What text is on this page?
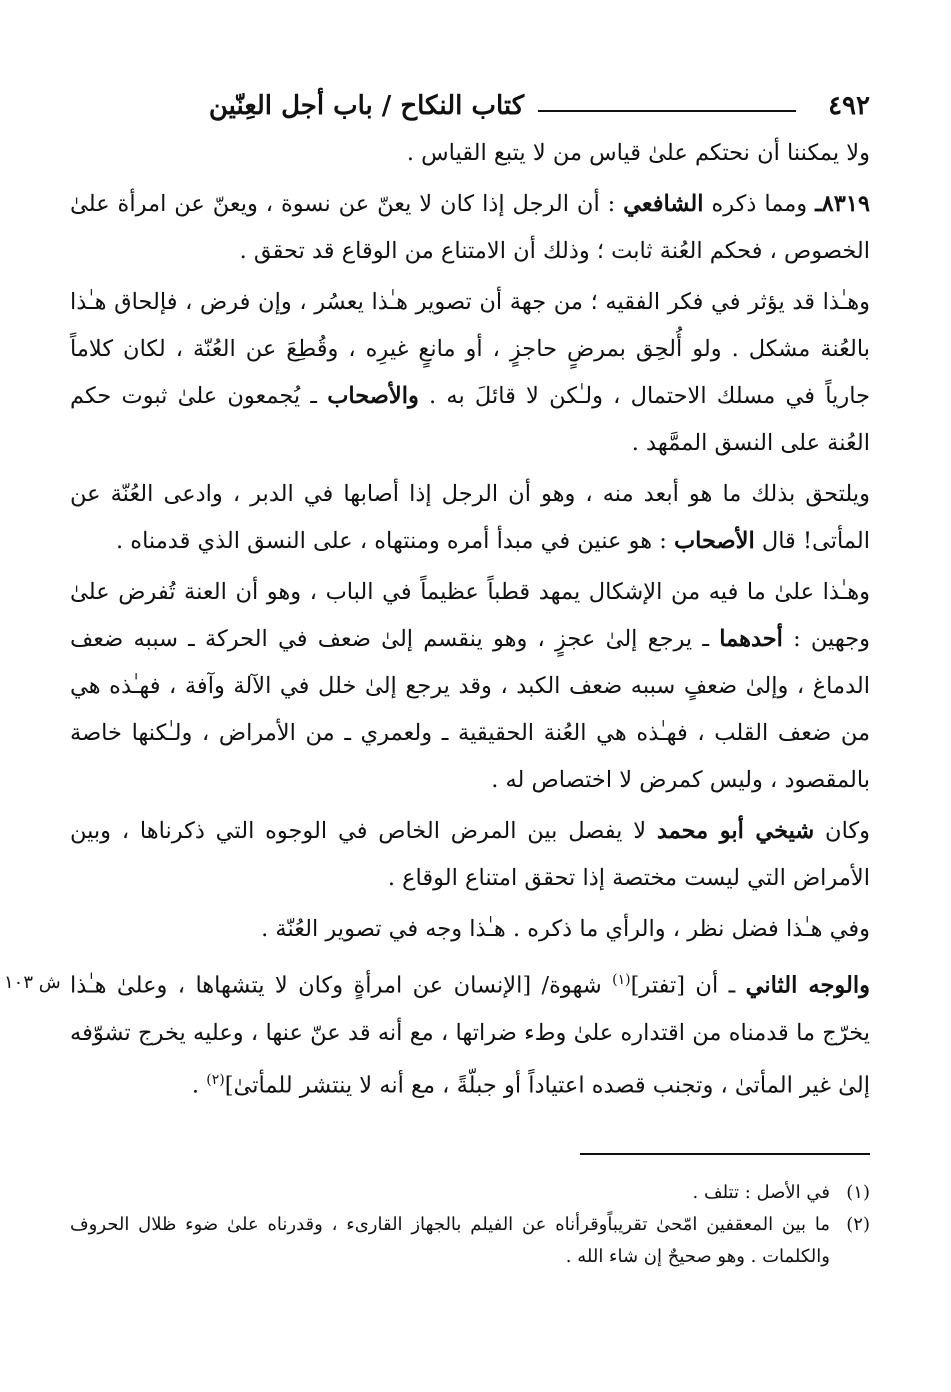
٤٩٢
كتاب النكاح / باب أجل العِنّين

ولا يمكننا أن نحتكم علىٰ قياس من لا يتبع القياس .

٨٣١٩ـ ومما ذكره الشافعي : أن الرجل إذا كان لا يعنّ عن نسوة ، ويعنّ عن امرأة علىٰ الخصوص ، فحكم العُنة ثابت ؛ وذلك أن الامتناع من الوقاع قد تحقق .

وهـٰذا قد يؤثر في فكر الفقيه ؛ من جهة أن تصوير هـٰذا يعسُر ، وإن فرض ، فإلحاق هـٰذا بالعُنة مشكل . ولو أُلحِق بمرضٍ حاجزٍ ، أو مانعٍ غيرِه ، وقُطِعَ عن العُنّة ، لكان كلاماً جارياً في مسلك الاحتمال ، ولـٰكن لا قائلَ به . والأصحاب ـ يُجمعون علىٰ ثبوت حكم العُنة على النسق الممَّهد .

ويلتحق بذلك ما هو أبعد منه ، وهو أن الرجل إذا أصابها في الدبر ، وادعى العُنّة عن المأتى! قال الأصحاب : هو عنين في مبدأ أمره ومنتهاه ، على النسق الذي قدمناه .

وهـٰذا علىٰ ما فيه من الإشكال يمهد قطباً عظيماً في الباب ، وهو أن العنة تُفرض علىٰ وجهين : أحدهما ـ يرجع إلىٰ عجزٍ ، وهو ينقسم إلىٰ ضعف في الحركة ـ سببه ضعف الدماغ ، وإلىٰ ضعفٍ سببه ضعف الكبد ، وقد يرجع إلىٰ خلل في الآلة وآفة ، فهـٰذه هي من ضعف القلب ، فهـٰذه هي العُنة الحقيقية ـ ولعمري ـ من الأمراض ، ولـٰكنها خاصة بالمقصود ، وليس كمرض لا اختصاص له .

وكان شيخي أبو محمد لا يفصل بين المرض الخاص في الوجوه التي ذكرناها ، وبين الأمراض التي ليست مختصة إذا تحقق امتناع الوقاع .

وفي هـٰذا فضل نظر ، والرأي ما ذكره . هـٰذا وجه في تصوير العُنّة .

والوجه الثاني ـ أن [تفتر]$^{(١)}$ شهوة/ [الإنسان عن امرأةٍ وكان لا يتشهاها ، وعلىٰ هـٰذا يخرّج ما قدمناه من اقتداره علىٰ وطء ضراتها ، مع أنه قد عنّ عنها ، وعليه يخرج تشوّفه إلىٰ غير المأتىٰ ، وتجنب قصده اعتياداً أو جبلّةً ، مع أنه لا ينتشر للمأتىٰ]$^{(٢)}$ .
ش ١٠٣

(١)
في الأصل : تتلف .
(٢)
ما بين المعقفين امّحىٰ تقريباًوقرأناه عن الفيلم بالجهاز القارىء ، وقدرناه علىٰ ضوء ظلال الحروف والكلمات . وهو صحيحٌ إن شاء الله .
